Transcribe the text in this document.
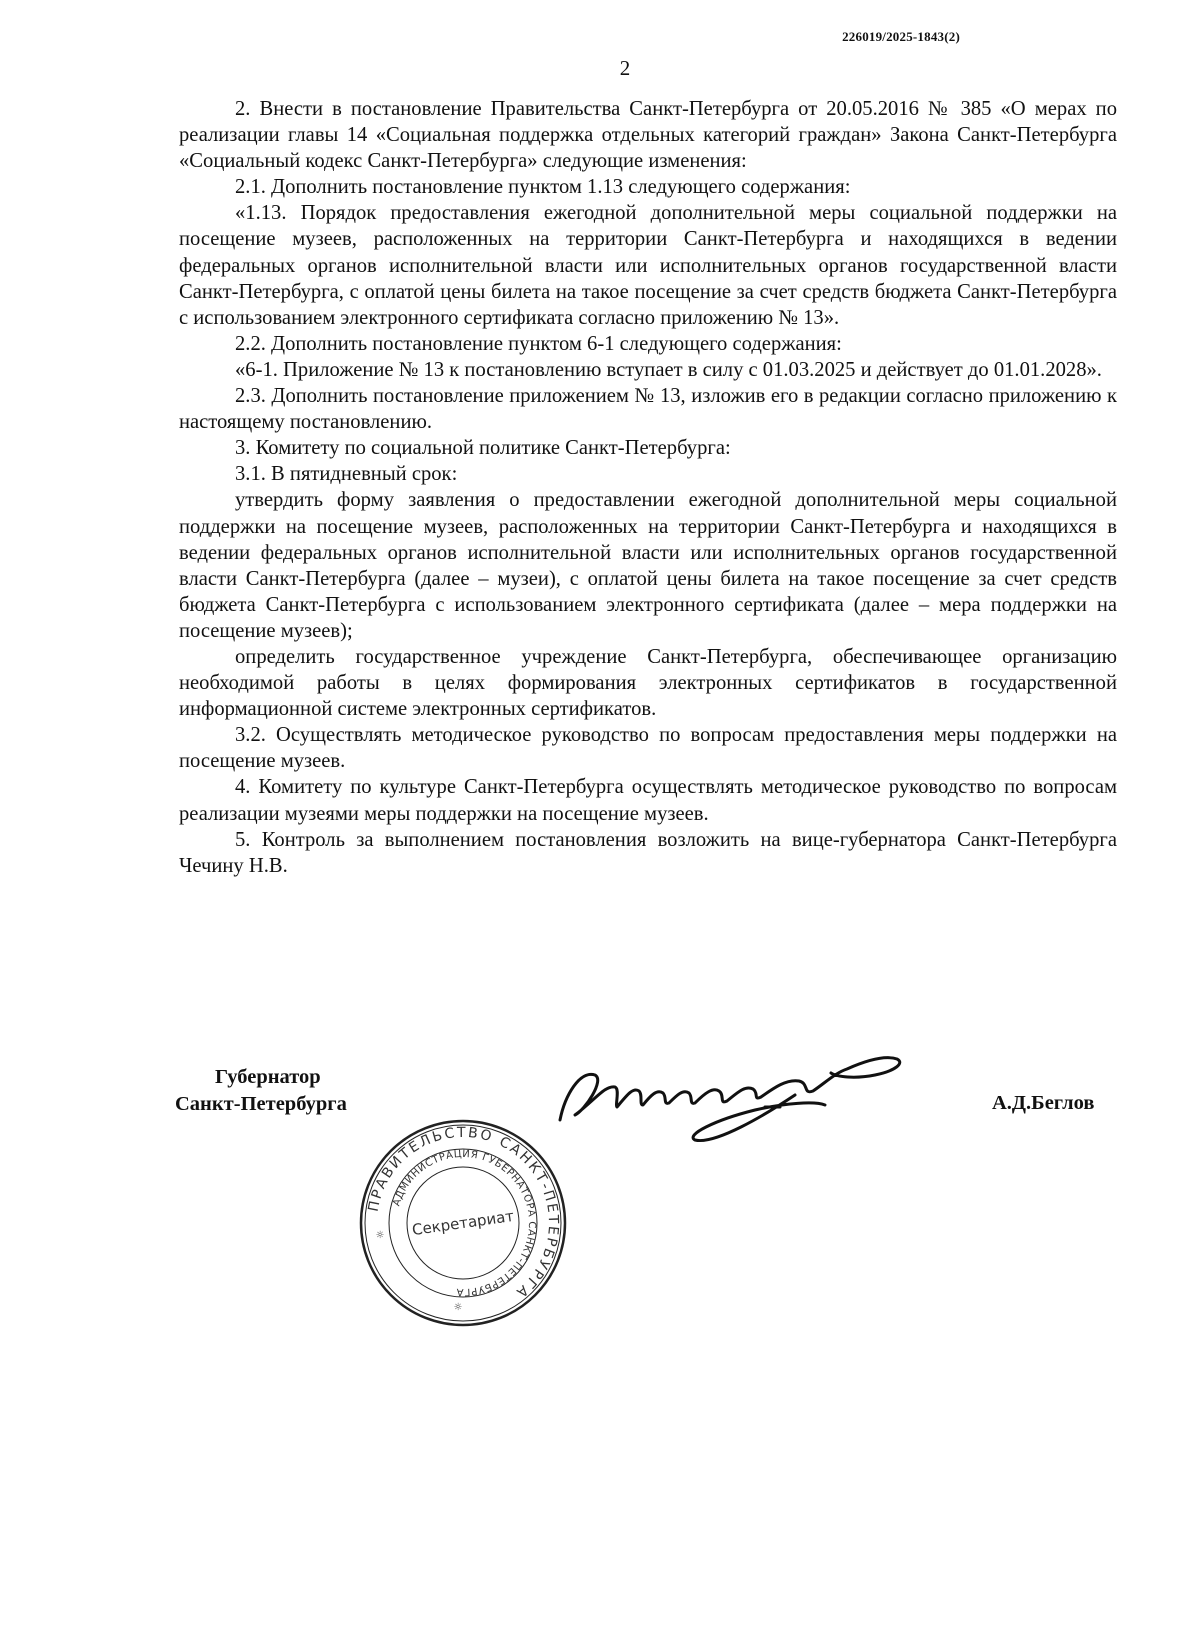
226019/2025-1843(2)
2

2. Внести в постановление Правительства Санкт-Петербурга от 20.05.2016 № 385 «О мерах по реализации главы 14 «Социальная поддержка отдельных категорий граждан» Закона Санкт-Петербурга «Социальный кодекс Санкт-Петербурга» следующие изменения:

2.1. Дополнить постановление пунктом 1.13 следующего содержания:

«1.13. Порядок предоставления ежегодной дополнительной меры социальной поддержки на посещение музеев, расположенных на территории Санкт-Петербурга и находящихся в ведении федеральных органов исполнительной власти или исполнительных органов государственной власти Санкт-Петербурга, с оплатой цены билета на такое посещение за счет средств бюджета Санкт-Петербурга с использованием электронного сертификата согласно приложению № 13».

2.2. Дополнить постановление пунктом 6-1 следующего содержания:

«6-1. Приложение № 13 к постановлению вступает в силу с 01.03.2025 и действует до 01.01.2028».

2.3. Дополнить постановление приложением № 13, изложив его в редакции согласно приложению к настоящему постановлению.

3. Комитету по социальной политике Санкт-Петербурга:

3.1. В пятидневный срок:

утвердить форму заявления о предоставлении ежегодной дополнительной меры социальной поддержки на посещение музеев, расположенных на территории Санкт-Петербурга и находящихся в ведении федеральных органов исполнительной власти или исполнительных органов государственной власти Санкт-Петербурга (далее – музеи), с оплатой цены билета на такое посещение за счет средств бюджета Санкт-Петербурга с использованием электронного сертификата (далее – мера поддержки на посещение музеев);

определить государственное учреждение Санкт-Петербурга, обеспечивающее организацию необходимой работы в целях формирования электронных сертификатов в государственной информационной системе электронных сертификатов.

3.2. Осуществлять методическое руководство по вопросам предоставления меры поддержки на посещение музеев.

4. Комитету по культуре Санкт-Петербурга осуществлять методическое руководство по вопросам реализации музеями меры поддержки на посещение музеев.

5. Контроль за выполнением постановления возложить на вице-губернатора Санкт-Петербурга Чечину Н.В.

Губернатор
Санкт-Петербурга	А.Д.Беглов
ПРАВИТЕЛЬСТВО САНКТ-ПЕТЕРБУРГА
АДМИНИСТРАЦИЯ ГУБЕРНАТОРА САНКТ-ПЕТЕРБУРГА
Секретариат
☼
☼
